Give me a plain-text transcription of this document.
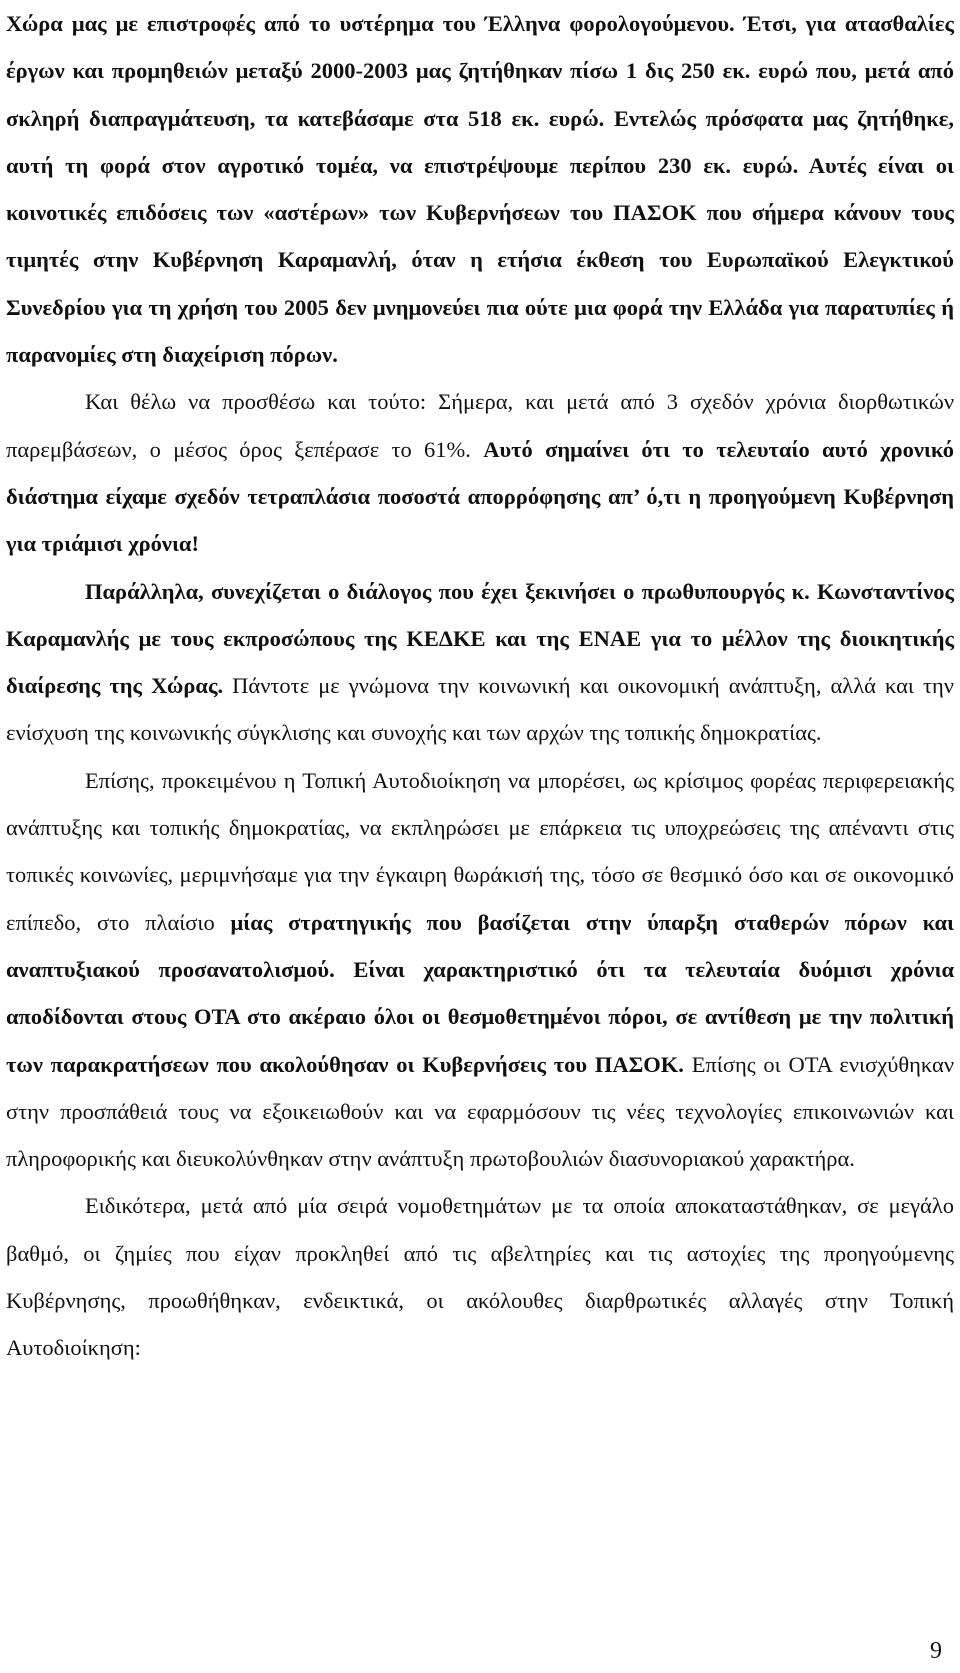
Χώρα μας με επιστροφές από το υστέρημα του Έλληνα φορολογούμενου. Έτσι, για ατασθαλίες έργων και προμηθειών μεταξύ 2000-2003 μας ζητήθηκαν πίσω 1 δις 250 εκ. ευρώ που, μετά από σκληρή διαπραγμάτευση, τα κατεβάσαμε στα 518 εκ. ευρώ. Εντελώς πρόσφατα μας ζητήθηκε, αυτή τη φορά στον αγροτικό τομέα, να επιστρέψουμε περίπου 230 εκ. ευρώ. Αυτές είναι οι κοινοτικές επιδόσεις των «αστέρων» των Κυβερνήσεων του ΠΑΣΟΚ που σήμερα κάνουν τους τιμητές στην Κυβέρνηση Καραμανλή, όταν η ετήσια έκθεση του Ευρωπαϊκού Ελεγκτικού Συνεδρίου για τη χρήση του 2005 δεν μνημονεύει πια ούτε μια φορά την Ελλάδα για παρατυπίες ή παρανομίες στη διαχείριση πόρων.

Και θέλω να προσθέσω και τούτο: Σήμερα, και μετά από 3 σχεδόν χρόνια διορθωτικών παρεμβάσεων, ο μέσος όρος ξεπέρασε το 61%. Αυτό σημαίνει ότι το τελευταίο αυτό χρονικό διάστημα είχαμε σχεδόν τετραπλάσια ποσοστά απορρόφησης απ’ ό,τι η προηγούμενη Κυβέρνηση για τριάμισι χρόνια!

Παράλληλα, συνεχίζεται ο διάλογος που έχει ξεκινήσει ο πρωθυπουργός κ. Κωνσταντίνος Καραμανλής με τους εκπροσώπους της ΚΕΔΚΕ και της ΕΝΑΕ για το μέλλον της διοικητικής διαίρεσης της Χώρας. Πάντοτε με γνώμονα την κοινωνική και οικονομική ανάπτυξη, αλλά και την ενίσχυση της κοινωνικής σύγκλισης και συνοχής και των αρχών της τοπικής δημοκρατίας.

Επίσης, προκειμένου η Τοπική Αυτοδιοίκηση να μπορέσει, ως κρίσιμος φορέας περιφερειακής ανάπτυξης και τοπικής δημοκρατίας, να εκπληρώσει με επάρκεια τις υποχρεώσεις της απέναντι στις τοπικές κοινωνίες, μεριμνήσαμε για την έγκαιρη θωράκισή της, τόσο σε θεσμικό όσο και σε οικονομικό επίπεδο, στο πλαίσιο μίας στρατηγικής που βασίζεται στην ύπαρξη σταθερών πόρων και αναπτυξιακού προσανατολισμού. Είναι χαρακτηριστικό ότι τα τελευταία δυόμισι χρόνια αποδίδονται στους ΟΤΑ στο ακέραιο όλοι οι θεσμοθετημένοι πόροι, σε αντίθεση με την πολιτική των παρακρατήσεων που ακολούθησαν οι Κυβερνήσεις του ΠΑΣΟΚ. Επίσης οι ΟΤΑ ενισχύθηκαν στην προσπάθειά τους να εξοικειωθούν και να εφαρμόσουν τις νέες τεχνολογίες επικοινωνιών και πληροφορικής και διευκολύνθηκαν στην ανάπτυξη πρωτοβουλιών διασυνοριακού χαρακτήρα.

Ειδικότερα, μετά από μία σειρά νομοθετημάτων με τα οποία αποκαταστάθηκαν, σε μεγάλο βαθμό, οι ζημίες που είχαν προκληθεί από τις αβελτηρίες και τις αστοχίες της προηγούμενης Κυβέρνησης, προωθήθηκαν, ενδεικτικά, οι ακόλουθες διαρθρωτικές αλλαγές στην Τοπική Αυτοδιοίκηση:

9
